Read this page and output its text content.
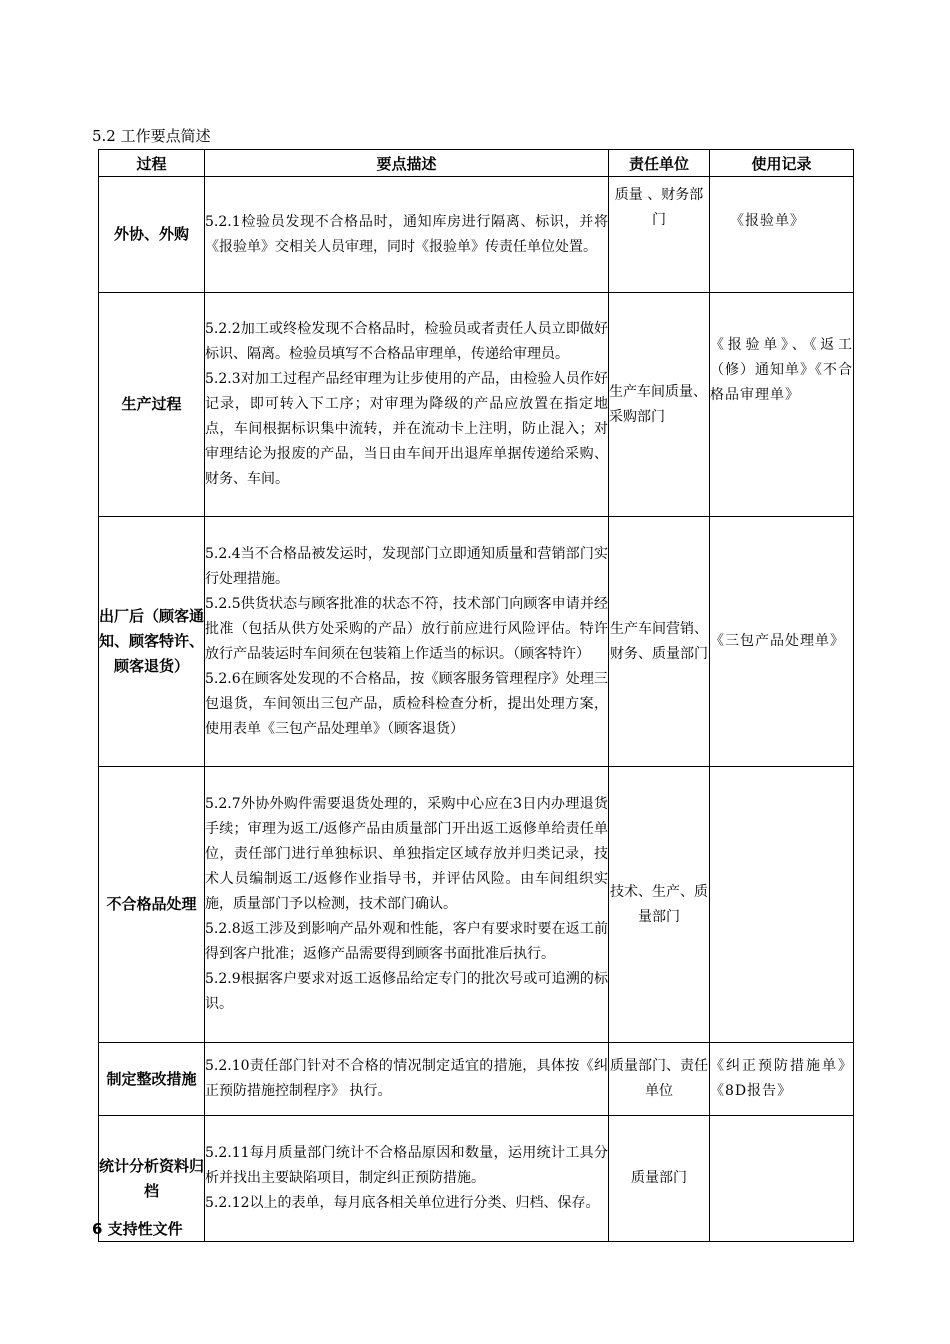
5.2 工作要点简述
过程	要点描述	责任单位	使用记录
外协、外购	5.2.1检验员发现不合格品时，通知库房进行隔离、标识，并将《报验单》交相关人员审理，同时《报验单》传责任单位处置。	质量 、财务部门	《报验单》
生产过程	5.2.2加工或终检发现不合格品时，检验员或者责任人员立即做好标识、隔离。检验员填写不合格品审理单，传递给审理员。

5.2.3对加工过程产品经审理为让步使用的产品，由检验人员作好记录，即可转入下工序；对审理为降级的产品应放置在指定地点，车间根据标识集中流转，并在流动卡上注明，防止混入；对审理结论为报废的产品，当日由车间开出退库单据传递给采购、财务、车间。	生产车间质量、采购部门	《报验单》、《返工（修）通知单》《不合格品审理单》
出厂后（顾客通知、顾客特许、顾客退货）	5.2.4当不合格品被发运时，发现部门立即通知质量和营销部门实行处理措施。

5.2.5供货状态与顾客批准的状态不符，技术部门向顾客申请并经批准（包括从供方处采购的产品）放行前应进行风险评估。特许放行产品装运时车间须在包装箱上作适当的标识。（顾客特许）

5.2.6在顾客处发现的不合格品，按《顾客服务管理程序》处理三包退货，车间领出三包产品，质检科检查分析，提出处理方案，使用表单《三包产品处理单》（顾客退货）	生产车间营销、财务、质量部门	《三包产品处理单》
不合格品处理	5.2.7外协外购件需要退货处理的，采购中心应在3日内办理退货手续；审理为返工/返修产品由质量部门开出返工返修单给责任单位，责任部门进行单独标识、单独指定区域存放并归类记录，技术人员编制返工/返修作业指导书，并评估风险。由车间组织实施，质量部门予以检测，技术部门确认。

5.2.8返工涉及到影响产品外观和性能，客户有要求时要在返工前得到客户批准；返修产品需要得到顾客书面批准后执行。

5.2.9根据客户要求对返工返修品给定专门的批次号或可追溯的标识。	技术、生产、质量部门	
制定整改措施	5.2.10责任部门针对不合格的情况制定适宜的措施，具体按《纠正预防措施控制程序》 执行。	质量部门、责任单位	《纠正预防措施单》 《8D报告》
统计分析资料归档	5.2.11每月质量部门统计不合格品原因和数量，运用统计工具分析并找出主要缺陷项目，制定纠正预防措施。

5.2.12以上的表单，每月底各相关单位进行分类、归档、保存。	质量部门	
6 支持性文件
